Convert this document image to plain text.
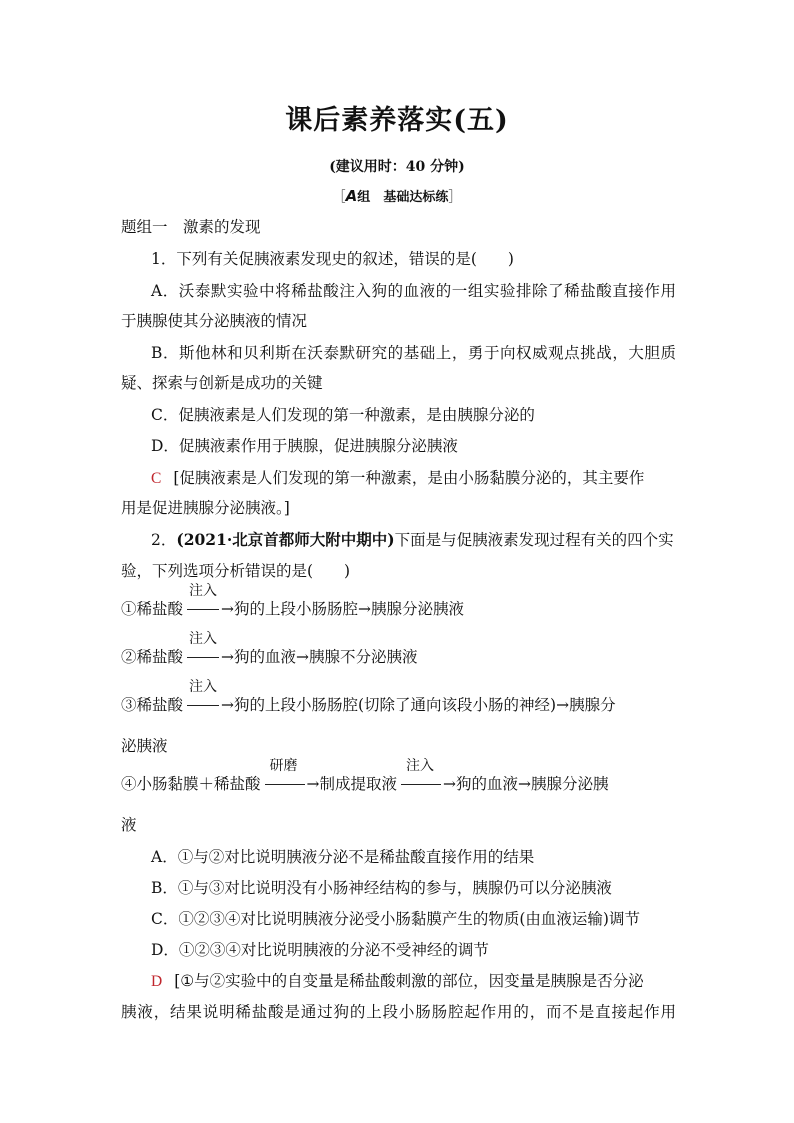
课后素养落实(五)
(建议用时：40 分钟)
［A组　 基础达标练］
题组一　激素的发现
1．下列有关促胰液素发现史的叙述，错误的是(　　)
A．沃泰默实验中将稀盐酸注入狗的血液的一组实验排除了稀盐酸直接作用
于胰腺使其分泌胰液的情况
B．斯他林和贝利斯在沃泰默研究的基础上，勇于向权威观点挑战，大胆质
疑、探索与创新是成功的关键
C．促胰液素是人们发现的第一种激素，是由胰腺分泌的
D．促胰液素作用于胰腺，促进胰腺分泌胰液
C [促胰液素是人们发现的第一种激素，是由小肠黏膜分泌的，其主要作
用是促进胰腺分泌胰液。]
2．(2021·北京首都师大附中期中)下面是与促胰液素发现过程有关的四个实
验，下列选项分析错误的是(　　)
①稀盐酸
注入
→狗的上段小肠肠腔→胰腺分泌胰液
②稀盐酸
注入
→狗的血液→胰腺不分泌胰液
③稀盐酸
注入
→狗的上段小肠肠腔(切除了通向该段小肠的神经)→胰腺分
泌胰液
④小肠黏膜＋稀盐酸
研磨
→制成提取液
注入
→狗的血液→胰腺分泌胰
液
A．①与②对比说明胰液分泌不是稀盐酸直接作用的结果
B．①与③对比说明没有小肠神经结构的参与，胰腺仍可以分泌胰液
C．①②③④对比说明胰液分泌受小肠黏膜产生的物质(由血液运输)调节
D．①②③④对比说明胰液的分泌不受神经的调节
D [①与②实验中的自变量是稀盐酸刺激的部位，因变量是胰腺是否分泌
胰液，结果说明稀盐酸是通过狗的上段小肠肠腔起作用的，而不是直接起作用
